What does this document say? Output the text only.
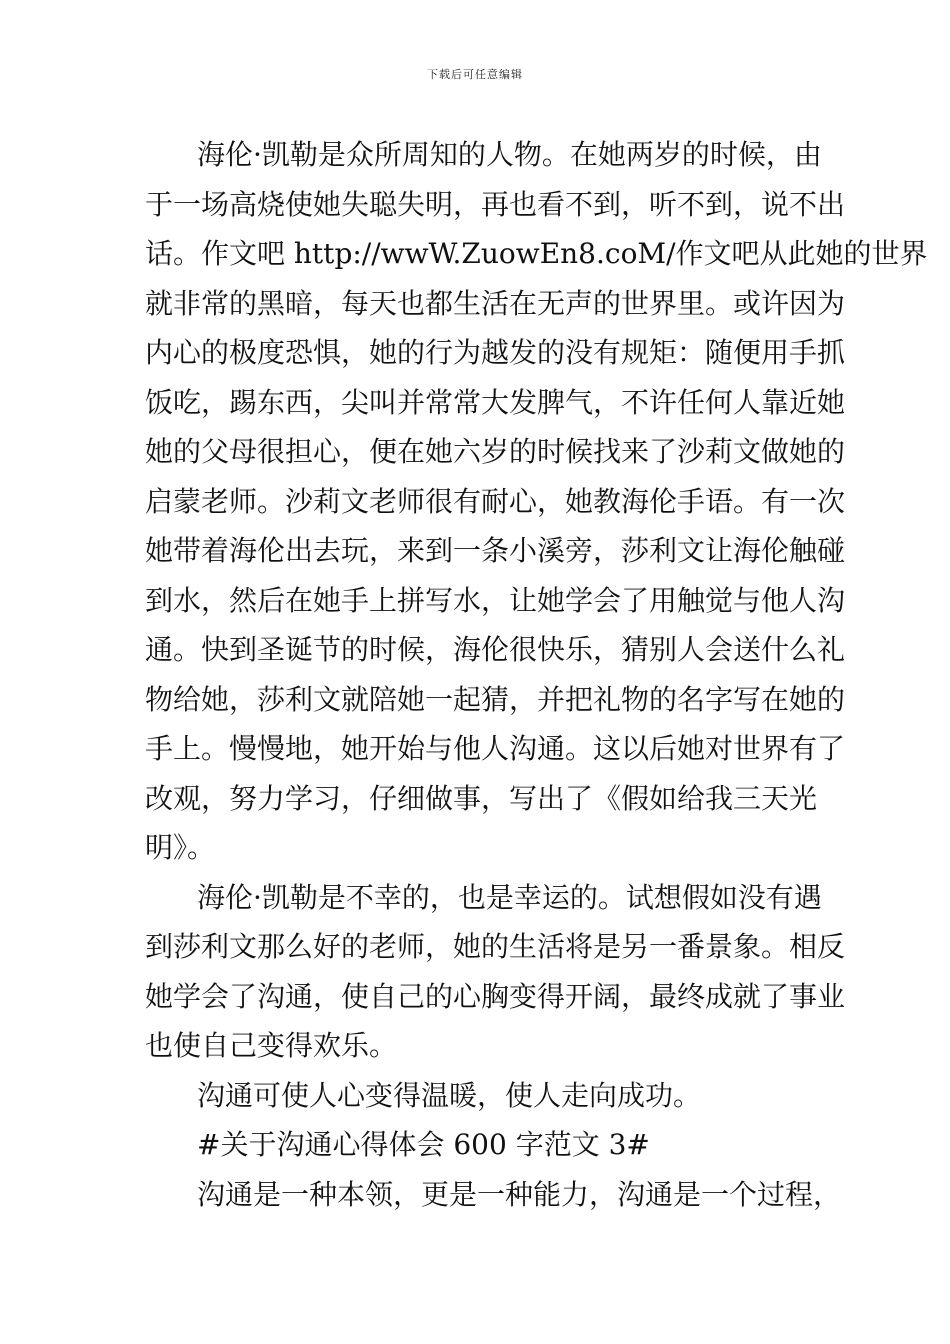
下载后可任意编辑
海伦·凯勒是众所周知的人物。在她两岁的时候，由
于一场高烧使她失聪失明，再也看不到，听不到，说不出
话。作文吧 http://wwW.ZuowEn8.coM/作文吧从此她的世界
就非常的黑暗，每天也都生活在无声的世界里。或许因为
内心的极度恐惧，她的行为越发的没有规矩：随便用手抓
饭吃，踢东西，尖叫并常常大发脾气，不许任何人靠近她
她的父母很担心，便在她六岁的时候找来了沙莉文做她的
启蒙老师。沙莉文老师很有耐心，她教海伦手语。有一次
她带着海伦出去玩，来到一条小溪旁，莎利文让海伦触碰
到水，然后在她手上拼写水，让她学会了用触觉与他人沟
通。快到圣诞节的时候，海伦很快乐，猜别人会送什么礼
物给她，莎利文就陪她一起猜，并把礼物的名字写在她的
手上。慢慢地，她开始与他人沟通。这以后她对世界有了
改观，努力学习，仔细做事，写出了《假如给我三天光
明》。
海伦·凯勒是不幸的，也是幸运的。试想假如没有遇
到莎利文那么好的老师，她的生活将是另一番景象。相反
她学会了沟通，使自己的心胸变得开阔，最终成就了事业
也使自己变得欢乐。
沟通可使人心变得温暖，使人走向成功。
#关于沟通心得体会 600 字范文 3#
沟通是一种本领，更是一种能力，沟通是一个过程，
